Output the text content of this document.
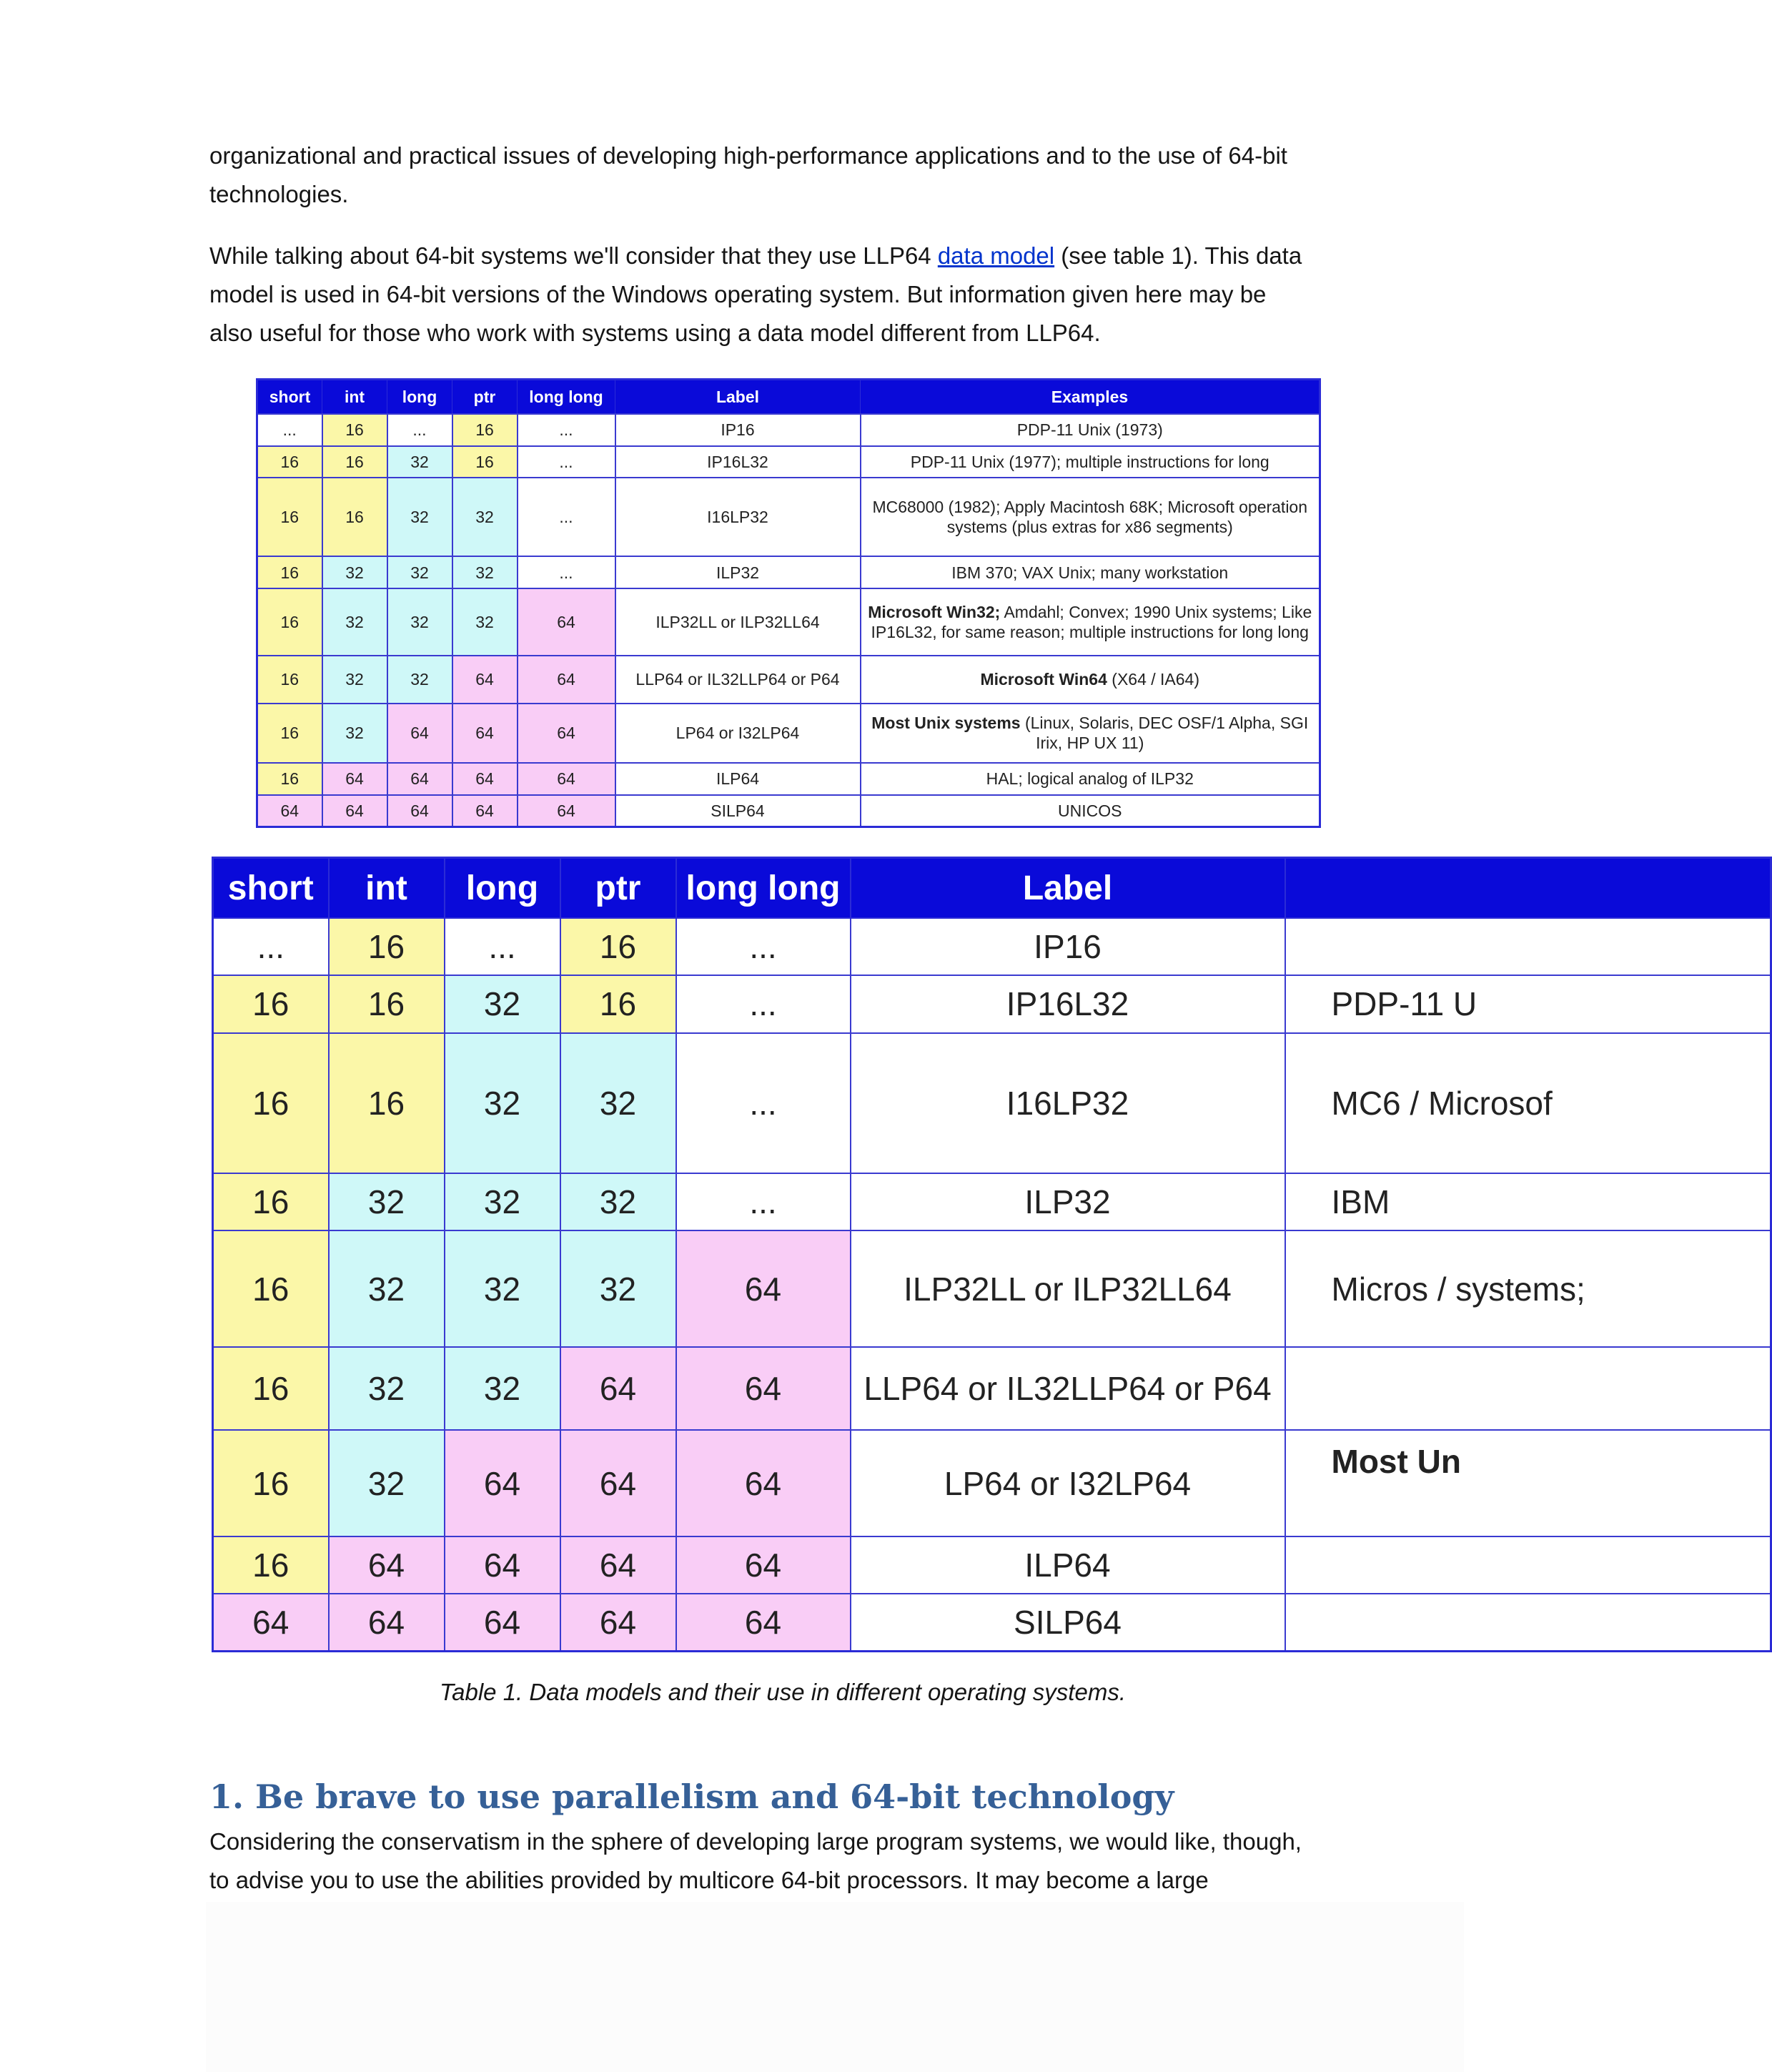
organizational and practical issues of developing high-performance applications and to the use of 64-bit
technologies.

While talking about 64-bit systems we'll consider that they use LLP64 data model (see table 1). This data
model is used in 64-bit versions of the Windows operating system. But information given here may be
also useful for those who work with systems using a data model different from LLP64.

short	int	long	ptr	long long	Label	Examples
...	16	...	16	...	IP16	PDP-11 Unix (1973)
16	16	32	16	...	IP16L32	PDP-11 Unix (1977); multiple instructions for long
16	16	32	32	...	I16LP32	MC68000 (1982); Apply Macintosh 68K; Microsoft operation systems (plus extras for x86 segments)
16	32	32	32	...	ILP32	IBM 370; VAX Unix; many workstation
16	32	32	32	64	ILP32LL or ILP32LL64	Microsoft Win32; Amdahl; Convex; 1990 Unix systems; Like IP16L32, for same reason; multiple instructions for long long
16	32	32	64	64	LLP64 or IL32LLP64 or P64	Microsoft Win64 (X64 / IA64)
16	32	64	64	64	LP64 or I32LP64	Most Unix systems (Linux, Solaris, DEC OSF/1 Alpha, SGI Irix, HP UX 11)
16	64	64	64	64	ILP64	HAL; logical analog of ILP32
64	64	64	64	64	SILP64	UNICOS
short	int	long	ptr	long long	Label	
...	16	...	16	...	IP16	
16	16	32	16	...	IP16L32	PDP-11 U
16	16	32	32	...	I16LP32	MC6 / Microsof
16	32	32	32	...	ILP32	IBM
16	32	32	32	64	ILP32LL or ILP32LL64	Micros / systems;
16	32	32	64	64	LLP64 or IL32LLP64 or P64	
16	32	64	64	64	LP64 or I32LP64	Most Un
16	64	64	64	64	ILP64	
64	64	64	64	64	SILP64	
Table 1. Data models and their use in different operating systems.
1. Be brave to use parallelism and 64-bit technology

Considering the conservatism in the sphere of developing large program systems, we would like, though,
to advise you to use the abilities provided by multicore 64-bit processors. It may become a large
